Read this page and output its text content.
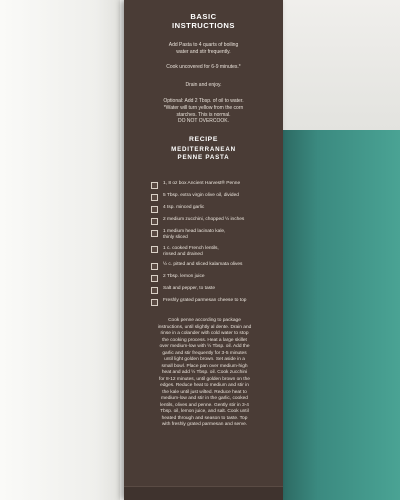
BASIC
INSTRUCTIONS
Add Pasta to 4 quarts of boiling
water and stir frequently.
Cook uncovered for 6-9 minutes.*
Drain and enjoy.
Optional: Add 2 Tbsp. of oil to water.
*Water will turn yellow from the corn
starches. This is normal.
DO NOT OVERCOOK.
RECIPE
MEDITERRANEAN
PENNE PASTA
1, 8 oz box Ancient Harvest® Penne
5 Tbsp. extra virgin olive oil, divided
4 tsp. minced garlic
2 medium zucchini, chopped ½ inches
1 medium head lacinato kale,
thinly sliced
1 c. cooked French lentils,
rinsed and drained
½ c. pitted and sliced kalamata olives
2 Tbsp. lemon juice
Salt and pepper, to taste
Freshly grated parmesan cheese to top
Cook penne according to package
instructions, until slightly al dente. Drain and
rinse in a colander with cold water to stop
the cooking process. Heat a large skillet
over medium-low with ½ Tbsp. oil. Add the
garlic and stir frequently for 3-5 minutes
until light golden brown. Set aside in a
small bowl. Place pan over medium-high
heat and add ½ Tbsp. oil. Cook zucchini
for 8-12 minutes, until golden brown on the
edges. Reduce heat to medium and stir in
the kale until just wilted. Reduce heat to
medium-low and stir in the garlic, cooked
lentils, olives and penne. Gently stir in 3-4
Tbsp. oil, lemon juice, and salt. Cook until
heated through and season to taste. Top
with freshly grated parmesan and serve.
